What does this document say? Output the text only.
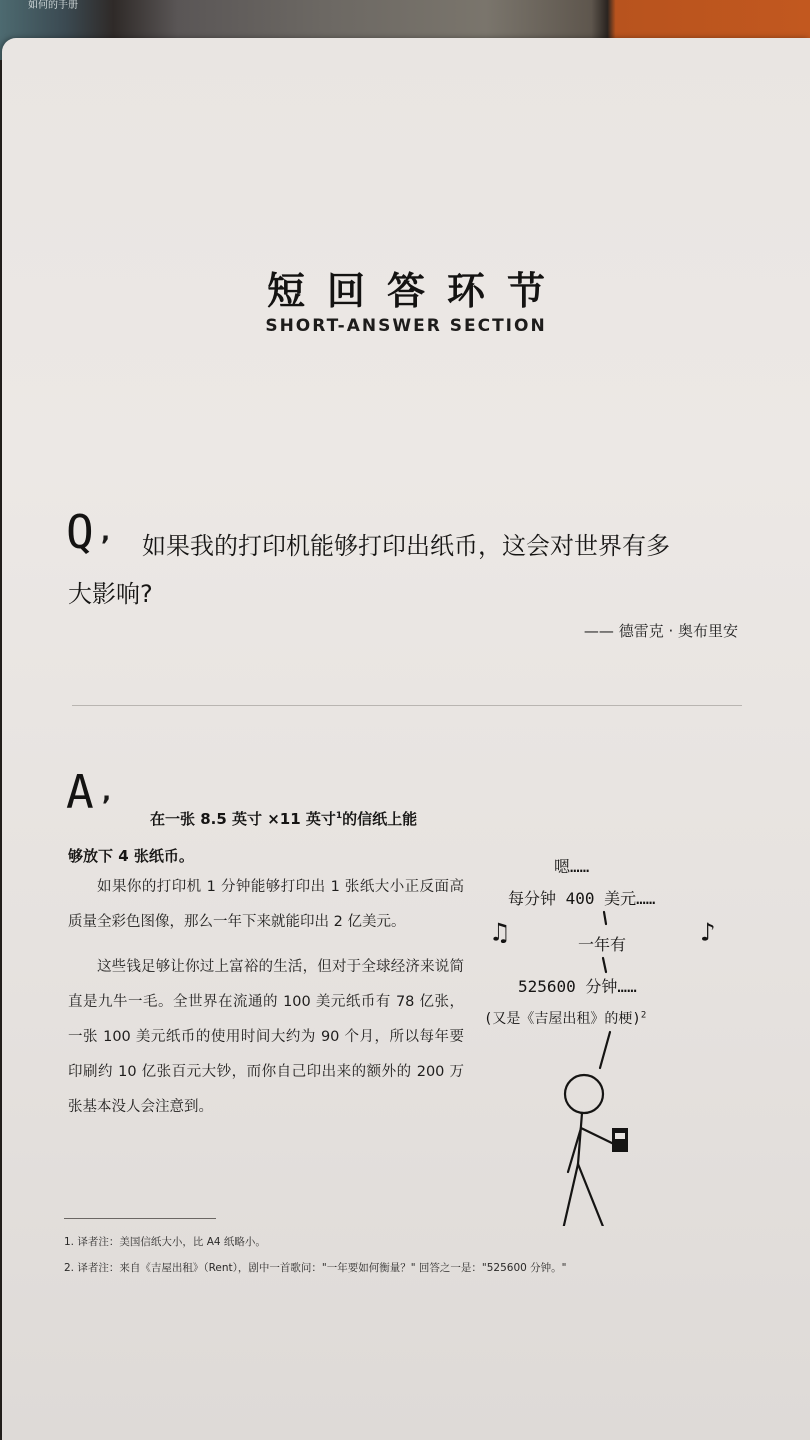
如何的手册
短回答环节
SHORT-ANSWER SECTION
Q , 如果我的打印机能够打印出纸币，这会对世界有多
大影响?
—— 德雷克 · 奥布里安
A ,
在一张 8.5 英寸 ×11 英寸$^1$的信纸上能
够放下 4 张纸币。

如果你的打印机 1 分钟能够打印出 1 张纸大小正反面高质量全彩色图像，那么一年下来就能印出 2 亿美元。

这些钱足够让你过上富裕的生活，但对于全球经济来说简直是九牛一毛。全世界在流通的 100 美元纸币有 78 亿张，一张 100 美元纸币的使用时间大约为 90 个月，所以每年要印刷约 10 亿张百元大钞，而你自己印出来的额外的 200 万张基本没人会注意到。

嗯……
每分钟 400 美元……
♫	♪
一年有
525600 分钟……
(又是《吉屋出租》的梗)$^2$
1. 译者注：美国信纸大小，比 A4 纸略小。
2. 译者注：来自《吉屋出租》（Rent），剧中一首歌问："一年要如何衡量？" 回答之一是："525600 分钟。"
